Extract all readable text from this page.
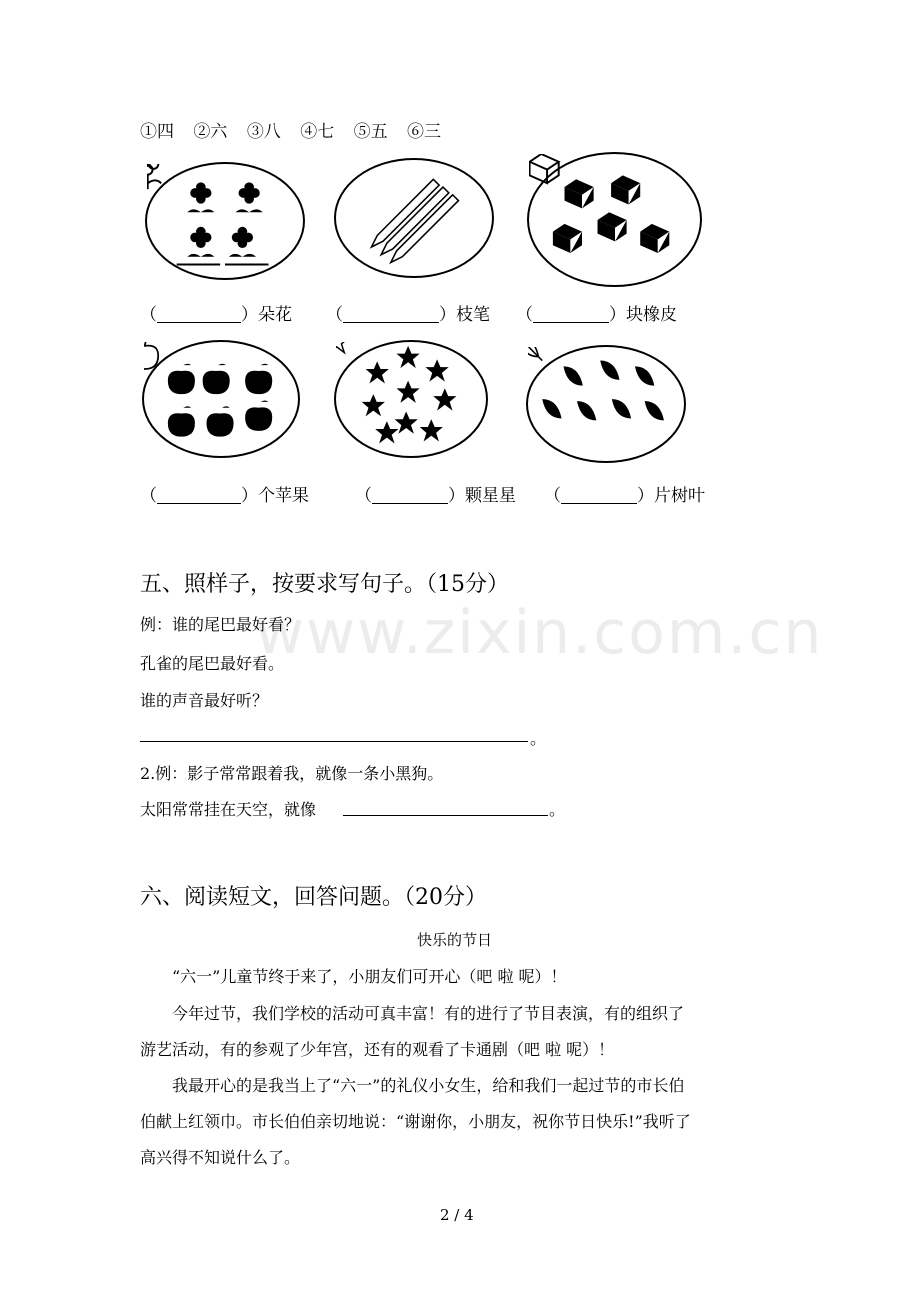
①四 ②六 ③八 ④七 ⑤五 ⑥三
（	）朵花 （	）枝笔 （	）块橡皮
（	）个苹果	（	）颗星星 （	）片树叶
五、照样子，按要求写句子。（15分）
www.zixin.com.cn
例：谁的尾巴最好看？
孔雀的尾巴最好看。
谁的声音最好听？
。
2.例：影子常常跟着我，就像一条小黑狗。
太阳常常挂在天空，就像	。
六、阅读短文，回答问题。（20分）
快乐的节日
“六一”儿童节终于来了，小朋友们可开心（吧 啦 呢）！
今年过节，我们学校的活动可真丰富！有的进行了节目表演，有的组织了
游艺活动，有的参观了少年宫，还有的观看了卡通剧（吧 啦 呢）！
我最开心的是我当上了“六一”的礼仪小女生，给和我们一起过节的市长伯
伯献上红领巾。市长伯伯亲切地说：“谢谢你，小朋友，祝你节日快乐!”我听了
高兴得不知说什么了。
2 / 4
